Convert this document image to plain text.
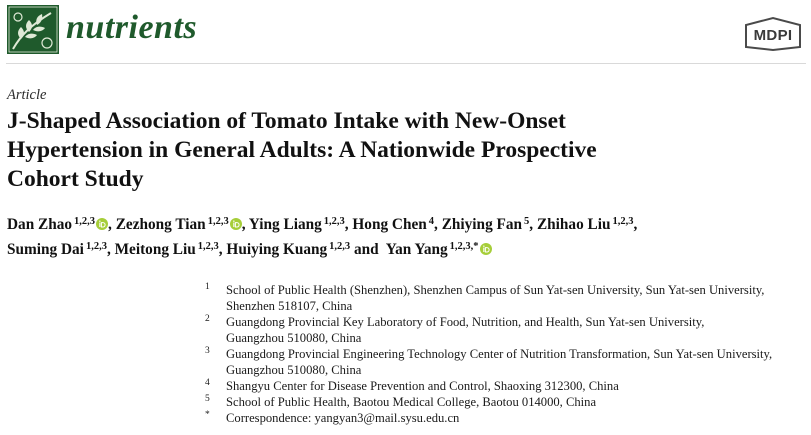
nutrients	MDPI
Article
J-Shaped Association of Tomato Intake with New-Onset
Hypertension in General Adults: A Nationwide Prospective
Cohort Study
Dan Zhao $^{1,2,3}$ , Zezhong Tian $^{1,2,3}$ , Ying Liang $^{1,2,3}$, Hong Chen $^4$, Zhiying Fan $^5$, Zhihao Liu $^{1,2,3}$,
Suming Dai $^{1,2,3}$, Meitong Liu $^{1,2,3}$, Huiying Kuang $^{1,2,3}$ and  Yan Yang $^{1,2,3,*}$
1 School of Public Health (Shenzhen), Shenzhen Campus of Sun Yat-sen University, Sun Yat-sen University,
Shenzhen 518107, China
2 Guangdong Provincial Key Laboratory of Food, Nutrition, and Health, Sun Yat-sen University,
Guangzhou 510080, China
3 Guangdong Provincial Engineering Technology Center of Nutrition Transformation, Sun Yat-sen University,
Guangzhou 510080, China
4 Shangyu Center for Disease Prevention and Control, Shaoxing 312300, China
5 School of Public Health, Baotou Medical College, Baotou 014000, China
* Correspondence: yangyan3@mail.sysu.edu.cn
